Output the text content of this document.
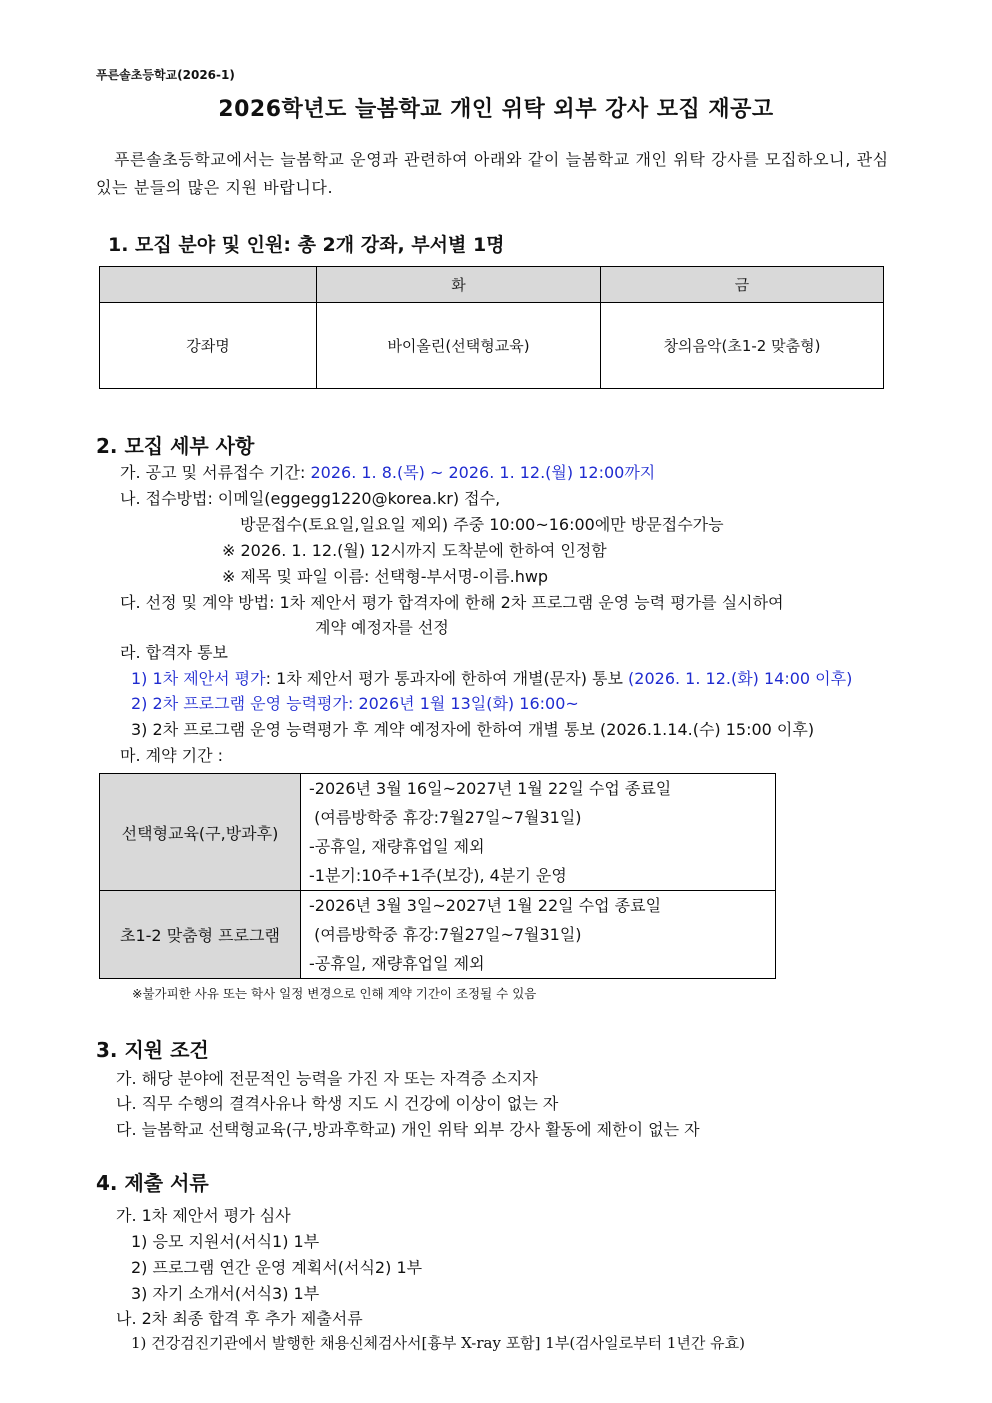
푸른솔초등학교(2026-1)
2026학년도 늘봄학교 개인 위탁 외부 강사 모집 재공고
푸른솔초등학교에서는 늘봄학교 운영과 관련하여 아래와 같이 늘봄학교 개인 위탁 강사를 모집하오니, 관심 있는 분들의 많은 지원 바랍니다.
1. 모집 분야 및 인원: 총 2개 강좌, 부서별 1명
	화	금
강좌명	바이올린(선택형교육)	창의음악(초1-2 맞춤형)
2. 모집 세부 사항
가. 공고 및 서류접수 기간: 2026. 1. 8.(목) ~ 2026. 1. 12.(월) 12:00까지
나. 접수방법: 이메일(eggegg1220@korea.kr) 접수,
방문접수(토요일,일요일 제외) 주중 10:00~16:00에만 방문접수가능
※ 2026. 1. 12.(월) 12시까지 도착분에 한하여 인정함
※ 제목 및 파일 이름: 선택형-부서명-이름.hwp
다. 선정 및 계약 방법: 1차 제안서 평가 합격자에 한해 2차 프로그램 운영 능력 평가를 실시하여
계약 예정자를 선정
라. 합격자 통보
1) 1차 제안서 평가: 1차 제안서 평가 통과자에 한하여 개별(문자) 통보 (2026. 1. 12.(화) 14:00 이후)
2) 2차 프로그램 운영 능력평가: 2026년 1월 13일(화) 16:00~
3) 2차 프로그램 운영 능력평가 후 계약 예정자에 한하여 개별 통보 (2026.1.14.(수) 15:00 이후)
마. 계약 기간 :
선택형교육(구,방과후)	-2026년 3월 16일~2027년 1월 22일 수업 종료일
(여름방학중 휴강:7월27일~7월31일)
-공휴일, 재량휴업일 제외
-1분기:10주+1주(보강), 4분기 운영

초1-2 맞춤형 프로그램	-2026년 3월 3일~2027년 1월 22일 수업 종료일
(여름방학중 휴강:7월27일~7월31일)
-공휴일, 재량휴업일 제외
※불가피한 사유 또는 학사 일정 변경으로 인해 계약 기간이 조정될 수 있음
3. 지원 조건
가. 해당 분야에 전문적인 능력을 가진 자 또는 자격증 소지자
나. 직무 수행의 결격사유나 학생 지도 시 건강에 이상이 없는 자
다. 늘봄학교 선택형교육(구,방과후학교) 개인 위탁 외부 강사 활동에 제한이 없는 자
4. 제출 서류
가. 1차 제안서 평가 심사
1) 응모 지원서(서식1) 1부
2) 프로그램 연간 운영 계획서(서식2) 1부
3) 자기 소개서(서식3) 1부
나. 2차 최종 합격 후 추가 제출서류
1) 건강검진기관에서 발행한 채용신체검사서[흉부 X-ray 포함] 1부(검사일로부터 1년간 유효)
